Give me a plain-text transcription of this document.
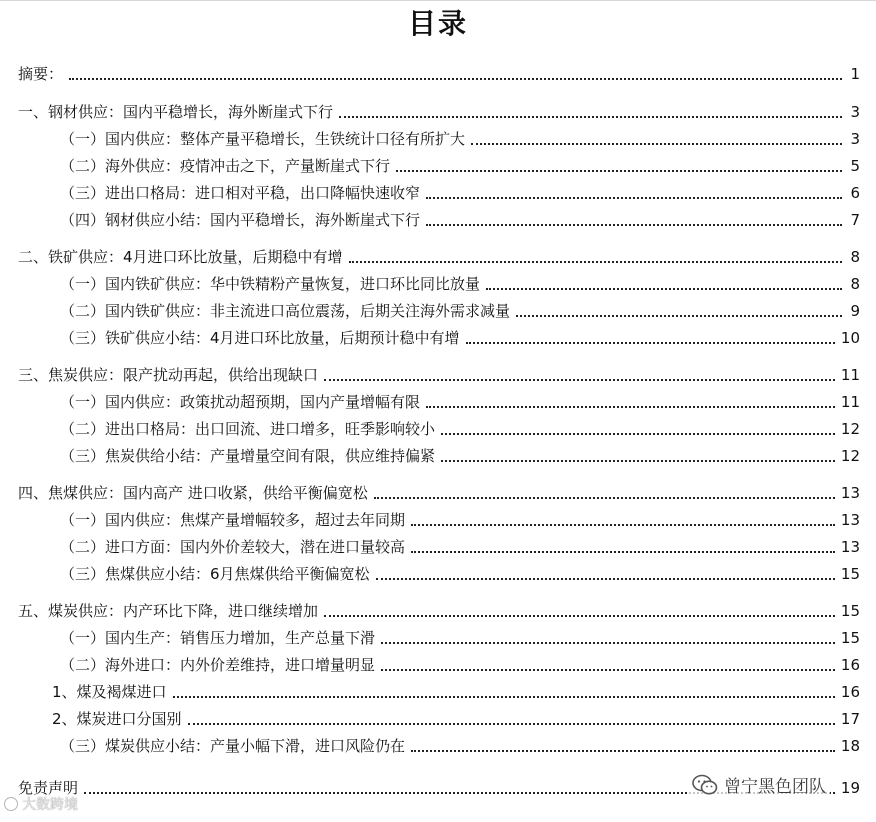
目录
摘要：	1
一、钢材供应：国内平稳增长，海外断崖式下行	3
（一）国内供应：整体产量平稳增长，生铁统计口径有所扩大	3
（二）海外供应：疫情冲击之下，产量断崖式下行	5
（三）进出口格局：进口相对平稳，出口降幅快速收窄	6
（四）钢材供应小结：国内平稳增长，海外断崖式下行	7
二、铁矿供应：4月进口环比放量，后期稳中有增	8
（一）国内铁矿供应：华中铁精粉产量恢复，进口环比同比放量	8
（二）国内铁矿供应：非主流进口高位震荡，后期关注海外需求减量	9
（三）铁矿供应小结：4月进口环比放量，后期预计稳中有增	10
三、焦炭供应：限产扰动再起，供给出现缺口	11
（一）国内供应：政策扰动超预期，国内产量增幅有限	11
（二）进出口格局：出口回流、进口增多，旺季影响较小	12
（三）焦炭供给小结：产量增量空间有限，供应维持偏紧	12
四、焦煤供应：国内高产 进口收紧，供给平衡偏宽松	13
（一）国内供应：焦煤产量增幅较多，超过去年同期	13
（二）进口方面：国内外价差较大，潜在进口量较高	13
（三）焦煤供应小结：6月焦煤供给平衡偏宽松	15
五、煤炭供应：内产环比下降，进口继续增加	15
（一）国内生产：销售压力增加，生产总量下滑	15
（二）海外进口：内外价差维持，进口增量明显	16
1、煤及褐煤进口	16
2、煤炭进口分国别	17
（三）煤炭供应小结：产量小幅下滑，进口风险仍在	18
免责声明	19
大数跨境
曾宁黑色团队
